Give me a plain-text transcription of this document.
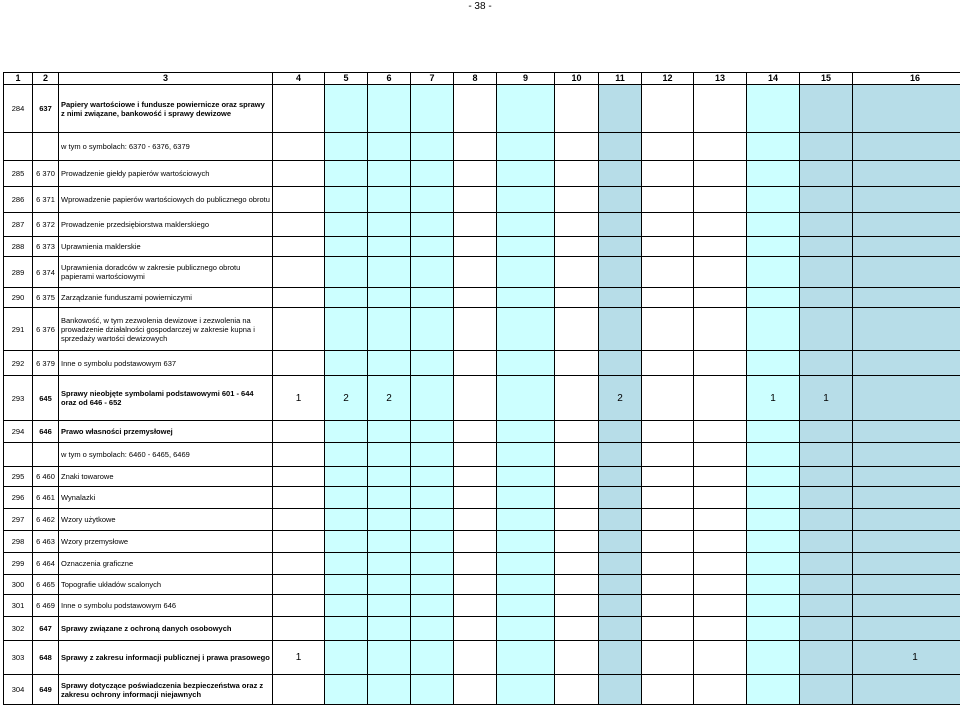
- 38 -
1	2	3	4	5	6	7	8	9	10	11	12	13	14	15	16
284	637	Papiery wartościowe i fundusze powiernicze oraz sprawy z nimi związane, bankowość i sprawy dewizowe													
		w tym o symbolach: 6370 - 6376, 6379													
285	6 370	Prowadzenie giełdy papierów wartościowych													
286	6 371	Wprowadzenie papierów wartościowych do publicznego obrotu													
287	6 372	Prowadzenie przedsiębiorstwa maklerskiego													
288	6 373	Uprawnienia maklerskie													
289	6 374	Uprawnienia doradców w zakresie publicznego obrotu papierami wartościowymi													
290	6 375	Zarządzanie funduszami powierniczymi													
291	6 376	Bankowość, w tym zezwolenia dewizowe i zezwolenia na prowadzenie działalności gospodarczej w zakresie kupna i sprzedaży wartości dewizowych													
292	6 379	Inne o symbolu podstawowym 637													
293	645	Sprawy nieobjęte symbolami podstawowymi 601 - 644 oraz od 646 - 652	1	2	2					2			1	1	
294	646	Prawo własności przemysłowej													
		w tym o symbolach: 6460 - 6465, 6469													
295	6 460	Znaki towarowe													
296	6 461	Wynalazki													
297	6 462	Wzory użytkowe													
298	6 463	Wzory przemysłowe													
299	6 464	Oznaczenia graficzne													
300	6 465	Topografie układów scalonych													
301	6 469	Inne o symbolu podstawowym 646													
302	647	Sprawy związane z ochroną danych osobowych													
303	648	Sprawy z zakresu informacji publicznej i prawa prasowego	1												1
304	649	Sprawy dotyczące poświadczenia bezpieczeństwa oraz z zakresu ochrony informacji niejawnych													
